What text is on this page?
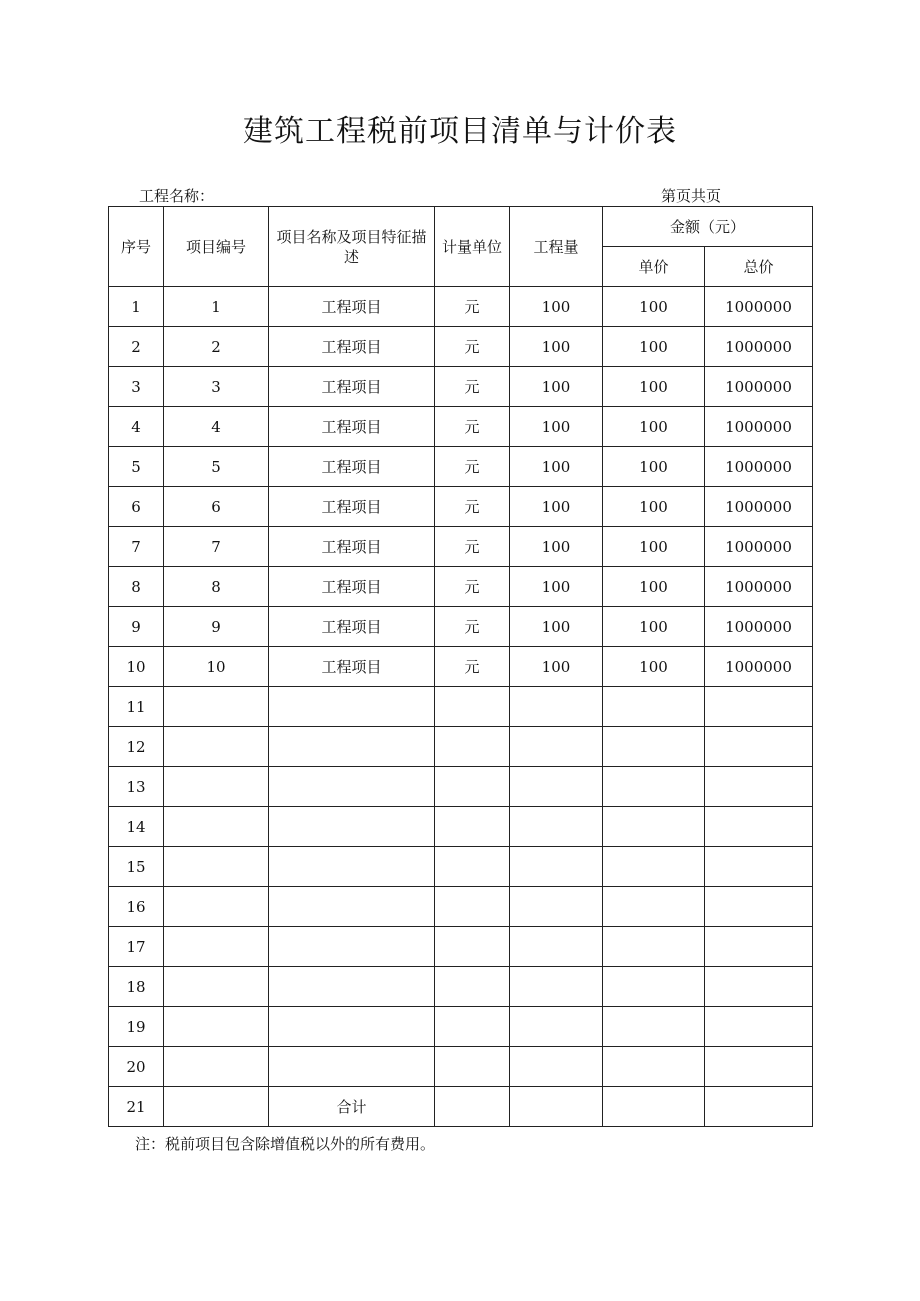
建筑工程税前项目清单与计价表
工程名称：	第页共页
序号	项目编号	项目名称及项目特征描述	计量单位	工程量	金额（元）	
					单价	总价
1	1	工程项目	元	100	100	1000000
2	2	工程项目	元	100	100	1000000
3	3	工程项目	元	100	100	1000000
4	4	工程项目	元	100	100	1000000
5	5	工程项目	元	100	100	1000000
6	6	工程项目	元	100	100	1000000
7	7	工程项目	元	100	100	1000000
8	8	工程项目	元	100	100	1000000
9	9	工程项目	元	100	100	1000000
10	10	工程项目	元	100	100	1000000
11						
12						
13						
14						
15						
16						
17						
18						
19						
20						
21		合计				
注：税前项目包含除增值税以外的所有费用。
